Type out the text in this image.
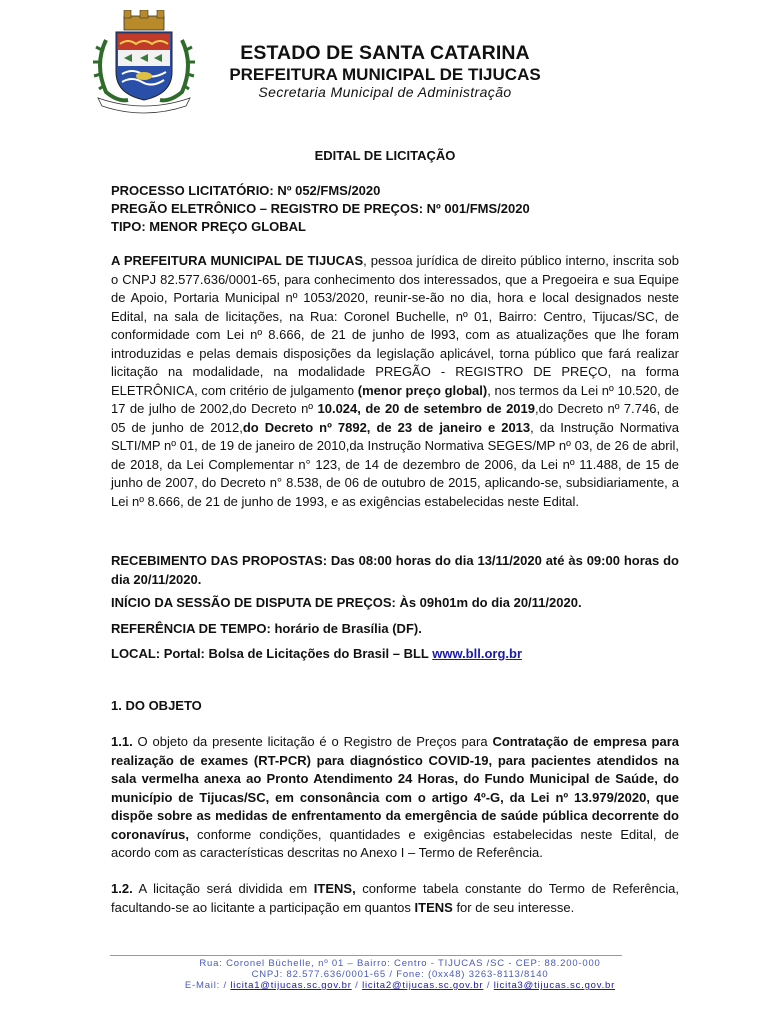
ESTADO DE SANTA CATARINA
PREFEITURA MUNICIPAL DE TIJUCAS
Secretaria Municipal de Administração
EDITAL DE LICITAÇÃO
PROCESSO LICITATÓRIO: Nº 052/FMS/2020
PREGÃO ELETRÔNICO – REGISTRO DE PREÇOS: Nº 001/FMS/2020
TIPO: MENOR PREÇO GLOBAL
A PREFEITURA MUNICIPAL DE TIJUCAS, pessoa jurídica de direito público interno, inscrita sob o CNPJ 82.577.636/0001-65, para conhecimento dos interessados, que a Pregoeira e sua Equipe de Apoio, Portaria Municipal nº 1053/2020, reunir-se-ão no dia, hora e local designados neste Edital, na sala de licitações, na Rua: Coronel Buchelle, nº 01, Bairro: Centro, Tijucas/SC, de conformidade com Lei nº 8.666, de 21 de junho de l993, com as atualizações que lhe foram introduzidas e pelas demais disposições da legislação aplicável, torna público que fará realizar licitação na modalidade, na modalidade PREGÃO - REGISTRO DE PREÇO, na forma ELETRÔNICA, com critério de julgamento (menor preço global), nos termos da Lei nº 10.520, de 17 de julho de 2002,do Decreto nº 10.024, de 20 de setembro de 2019,do Decreto nº 7.746, de 05 de junho de 2012,do Decreto nº 7892, de 23 de janeiro e 2013, da Instrução Normativa SLTI/MP nº 01, de 19 de janeiro de 2010,da Instrução Normativa SEGES/MP nº 03, de 26 de abril, de 2018, da Lei Complementar n° 123, de 14 de dezembro de 2006, da Lei nº 11.488, de 15 de junho de 2007, do Decreto n° 8.538, de 06 de outubro de 2015, aplicando-se, subsidiariamente, a Lei nº 8.666, de 21 de junho de 1993, e as exigências estabelecidas neste Edital.
RECEBIMENTO DAS PROPOSTAS: Das 08:00 horas do dia 13/11/2020 até às 09:00 horas do dia 20/11/2020.
INÍCIO DA SESSÃO DE DISPUTA DE PREÇOS: Às 09h01m do dia 20/11/2020.
REFERÊNCIA DE TEMPO: horário de Brasília (DF).
LOCAL: Portal: Bolsa de Licitações do Brasil – BLL www.bll.org.br
1. DO OBJETO
1.1. O objeto da presente licitação é o Registro de Preços para Contratação de empresa para realização de exames (RT-PCR) para diagnóstico COVID-19, para pacientes atendidos na sala vermelha anexa ao Pronto Atendimento 24 Horas, do Fundo Municipal de Saúde, do município de Tijucas/SC, em consonância com o artigo 4º-G, da Lei nº 13.979/2020, que dispõe sobre as medidas de enfrentamento da emergência de saúde pública decorrente do coronavírus, conforme condições, quantidades e exigências estabelecidas neste Edital, de acordo com as características descritas no Anexo I – Termo de Referência.
1.2. A licitação será dividida em ITENS, conforme tabela constante do Termo de Referência, facultando-se ao licitante a participação em quantos ITENS for de seu interesse.
Rua: Coronel Büchelle, nº 01 – Bairro: Centro - TIJUCAS /SC - CEP: 88.200-000
CNPJ: 82.577.636/0001-65 / Fone: (0xx48) 3263-8113/8140
E-Mail: / licita1@tijucas.sc.gov.br / licita2@tijucas.sc.gov.br / licita3@tijucas.sc.gov.br
